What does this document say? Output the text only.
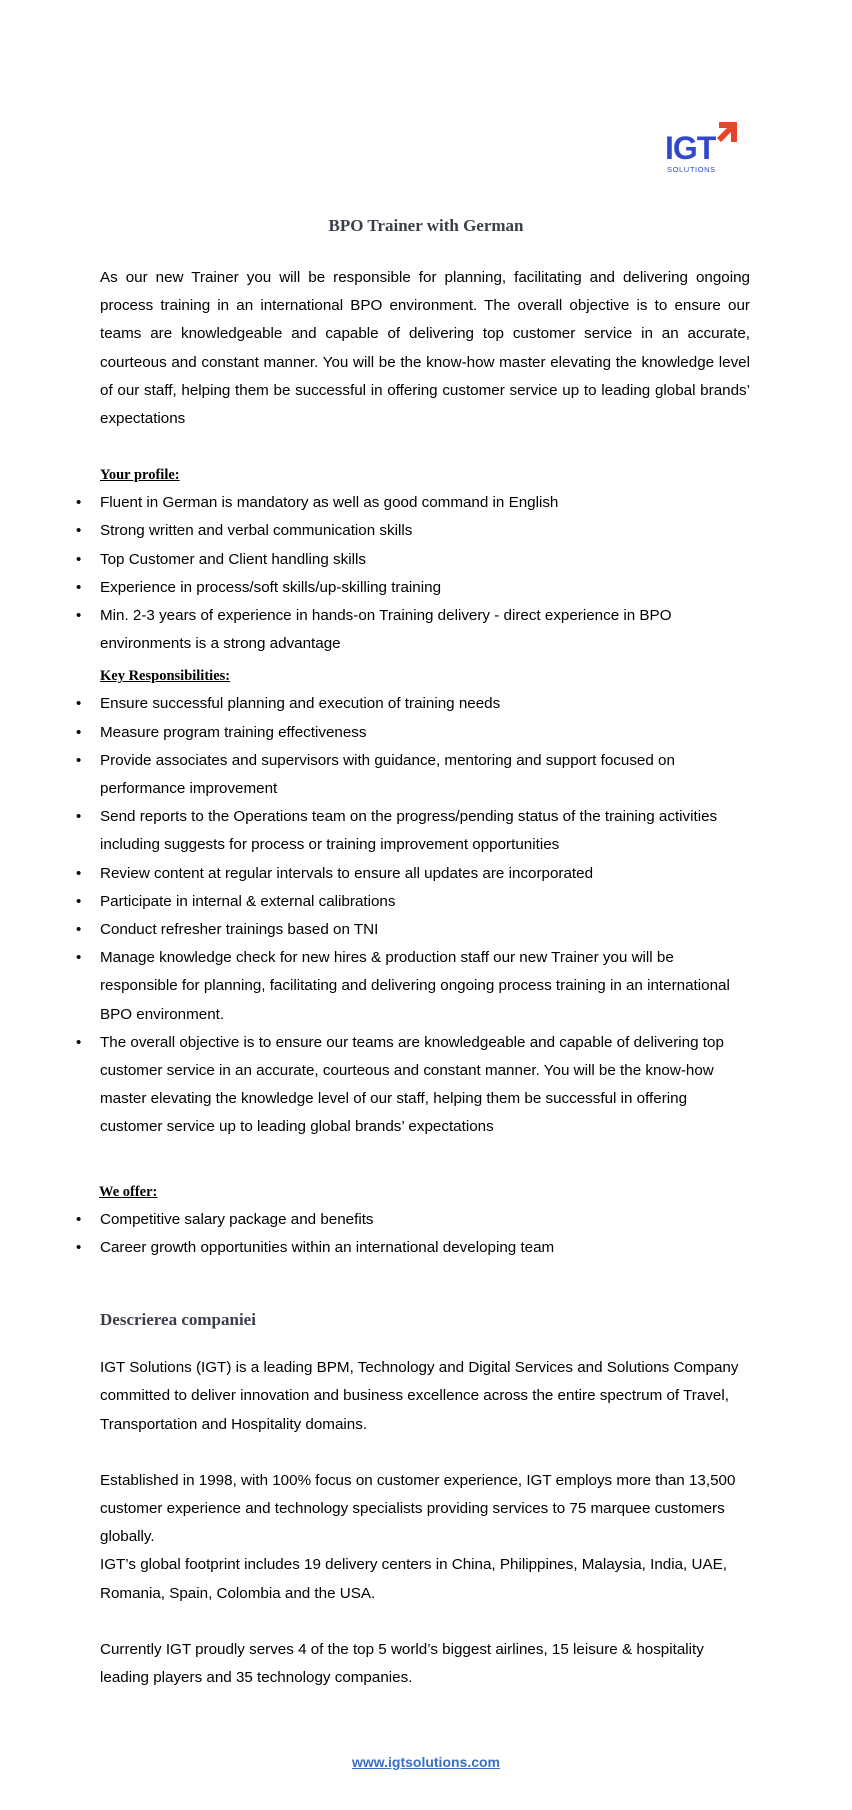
IGT
SOLUTIONS
BPO Trainer with German

As our new Trainer you will be responsible for planning, facilitating and delivering ongoing process training in an international BPO environment. The overall objective is to ensure our teams are knowledgeable and capable of delivering top customer service in an accurate, courteous and constant manner. You will be the know-how master elevating the knowledge level of our staff, helping them be successful in offering customer service up to leading global brands’ expectations

Your profile:

• Fluent in German is mandatory as well as good command in English
• Strong written and verbal communication skills
• Top Customer and Client handling skills
• Experience in process/soft skills/up-skilling training
• Min. 2-3 years of experience in hands-on Training delivery - direct experience in BPO environments is a strong advantage

Key Responsibilities:

• Ensure successful planning and execution of training needs
• Measure program training effectiveness
• Provide associates and supervisors with guidance, mentoring and support focused on performance improvement
• Send reports to the Operations team on the progress/pending status of the training activities including suggests for process or training improvement opportunities
• Review content at regular intervals to ensure all updates are incorporated
• Participate in internal & external calibrations
• Conduct refresher trainings based on TNI
• Manage knowledge check for new hires & production staff our new Trainer you will be responsible for planning, facilitating and delivering ongoing process training in an international BPO environment.
• The overall objective is to ensure our teams are knowledgeable and capable of delivering top customer service in an accurate, courteous and constant manner. You will be the know-how master elevating the knowledge level of our staff, helping them be successful in offering customer service up to leading global brands’ expectations

We offer:

• Competitive salary package and benefits
• Career growth opportunities within an international developing team

Descrierea companiei

IGT Solutions (IGT) is a leading BPM, Technology and Digital Services and Solutions Company committed to deliver innovation and business excellence across the entire spectrum of Travel, Transportation and Hospitality domains.

Established in 1998, with 100% focus on customer experience, IGT employs more than 13,500 customer experience and technology specialists providing services to 75 marquee customers globally.

IGT’s global footprint includes 19 delivery centers in China, Philippines, Malaysia, India, UAE, Romania, Spain, Colombia and the USA.

Currently IGT proudly serves 4 of the top 5 world’s biggest airlines, 15 leisure & hospitality leading players and 35 technology companies.

www.igtsolutions.com
